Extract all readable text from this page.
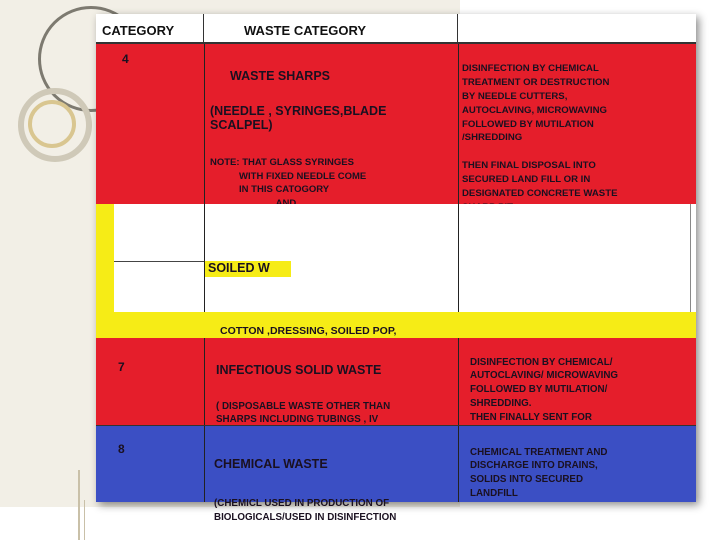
CATEGORY	WASTE CATEGORY
4

WASTE SHARPS

(NEEDLE , SYRINGES,BLADE
SCALPEL)

NOTE: THAT GLASS SYRINGES
WITH FIXED NEEDLE COME
IN THIS CATOGORY

DISINFECTION BY CHEMICAL
TREATMENT OR DESTRUCTION
BY NEEDLE CUTTERS,
AUTOCLAVING, MICROWAVING
FOLLOWED BY MUTILATION
/SHREDDING

THEN FINAL DISPOSAL INTO
SECURED LAND FILL OR IN
DESIGNATED CONCRETE WASTE

SOILED W

COTTON ,DRESSING, SOILED POP,

7	INFECTIOUS SOLID WASTE

( DISPOSABLE WASTE OTHER THAN
SHARPS INCLUDING TUBINGS , IV

DISINFECTION BY CHEMICAL/
AUTOCLAVING/ MICROWAVING
FOLLOWED BY MUTILATION/
SHREDDING.
THEN FINALLY SENT FOR

8

CHEMICAL WASTE

(CHEMICL USED IN PRODUCTION OF
BIOLOGICALS/USED IN DISINFECTION

CHEMICAL TREATMENT AND
DISCHARGE INTO DRAINS,
SOLIDS INTO SECURED
LANDFILL
